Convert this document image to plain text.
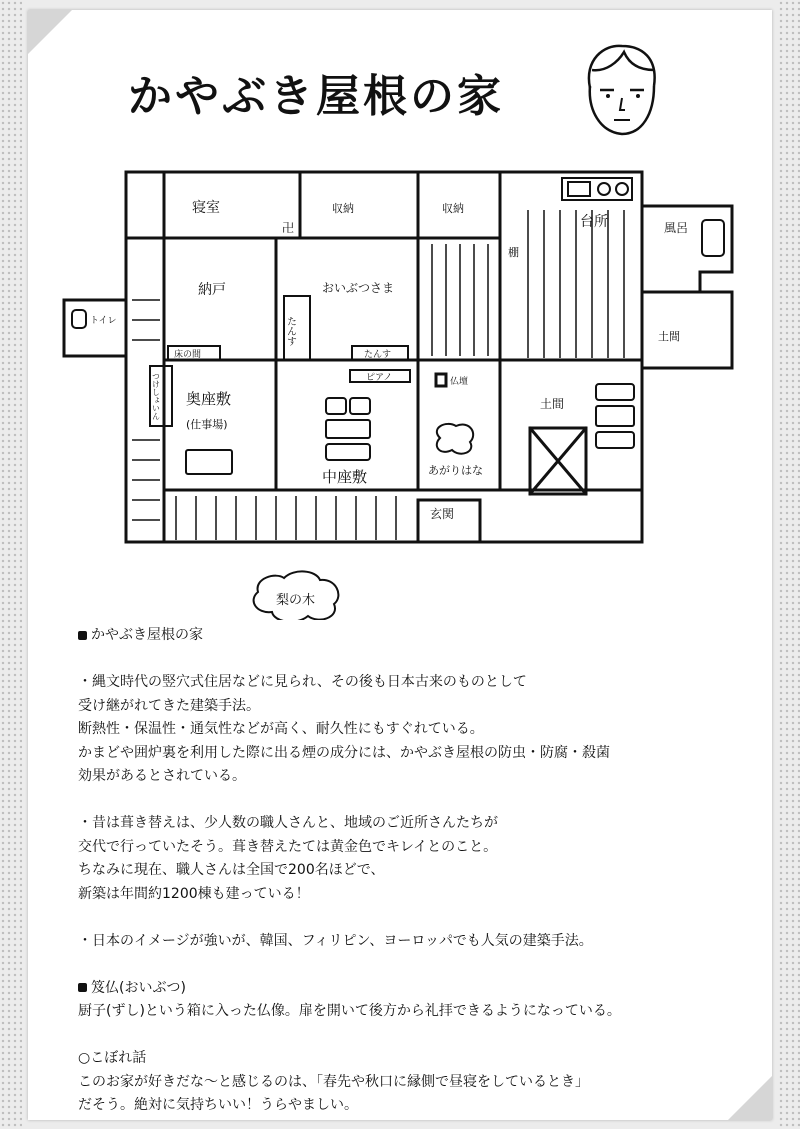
かやぶき屋根の家
寝室	収納	収納
台所	風呂
納戸	おいぶつさま
棚
土間
トイレ
床の間
たんす
たんす
ピアノ	仏壇
つけしょいん 奥座敷
(仕事場)
中座敷	あがりはな
土間
玄関
卍
梨の木

かやぶき屋根の家

・縄文時代の竪穴式住居などに見られ、その後も日本古来のものとして

受け継がれてきた建築手法。

断熱性・保温性・通気性などが高く、耐久性にもすぐれている。

かまどや囲炉裏を利用した際に出る煙の成分には、かやぶき屋根の防虫・防腐・殺菌

効果があるとされている。

・昔は葺き替えは、少人数の職人さんと、地域のご近所さんたちが

交代で行っていたそう。葺き替えたては黄金色でキレイとのこと。

ちなみに現在、職人さんは全国で200名ほどで、

新築は年間約1200棟も建っている！

・日本のイメージが強いが、韓国、フィリピン、ヨーロッパでも人気の建築手法。

笈仏(おいぶつ)

厨子(ずし)という箱に入った仏像。扉を開いて後方から礼拝できるようになっている。

○こぼれ話

このお家が好きだな〜と感じるのは、「春先や秋口に縁側で昼寝をしているとき」

だそう。絶対に気持ちいい！うらやましい。
